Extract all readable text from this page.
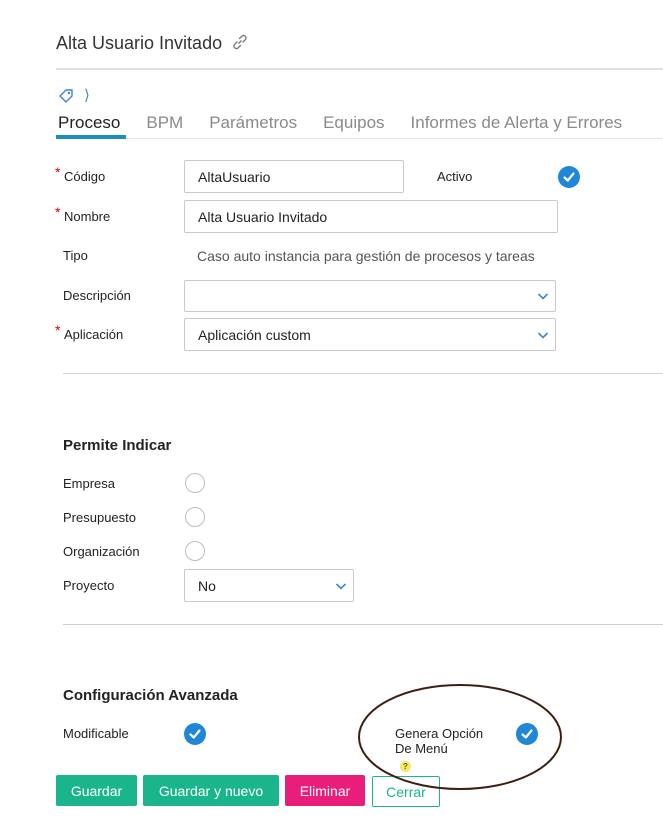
Alta Usuario Invitado
⟩
Proceso BPM Parámetros Equipos Informes de Alerta y Errores
* Código	AltaUsuario	Activo
* Nombre	Alta Usuario Invitado
Tipo	Caso auto instancia para gestión de procesos y tareas
Descripción
* Aplicación	Aplicación custom
Permite Indicar
Empresa
Presupuesto
Organización
Proyecto	No
Configuración Avanzada
Modificable	Genera Opción
De Menú
?
Guardar	Guardar y nuevo	Eliminar	Cerrar
